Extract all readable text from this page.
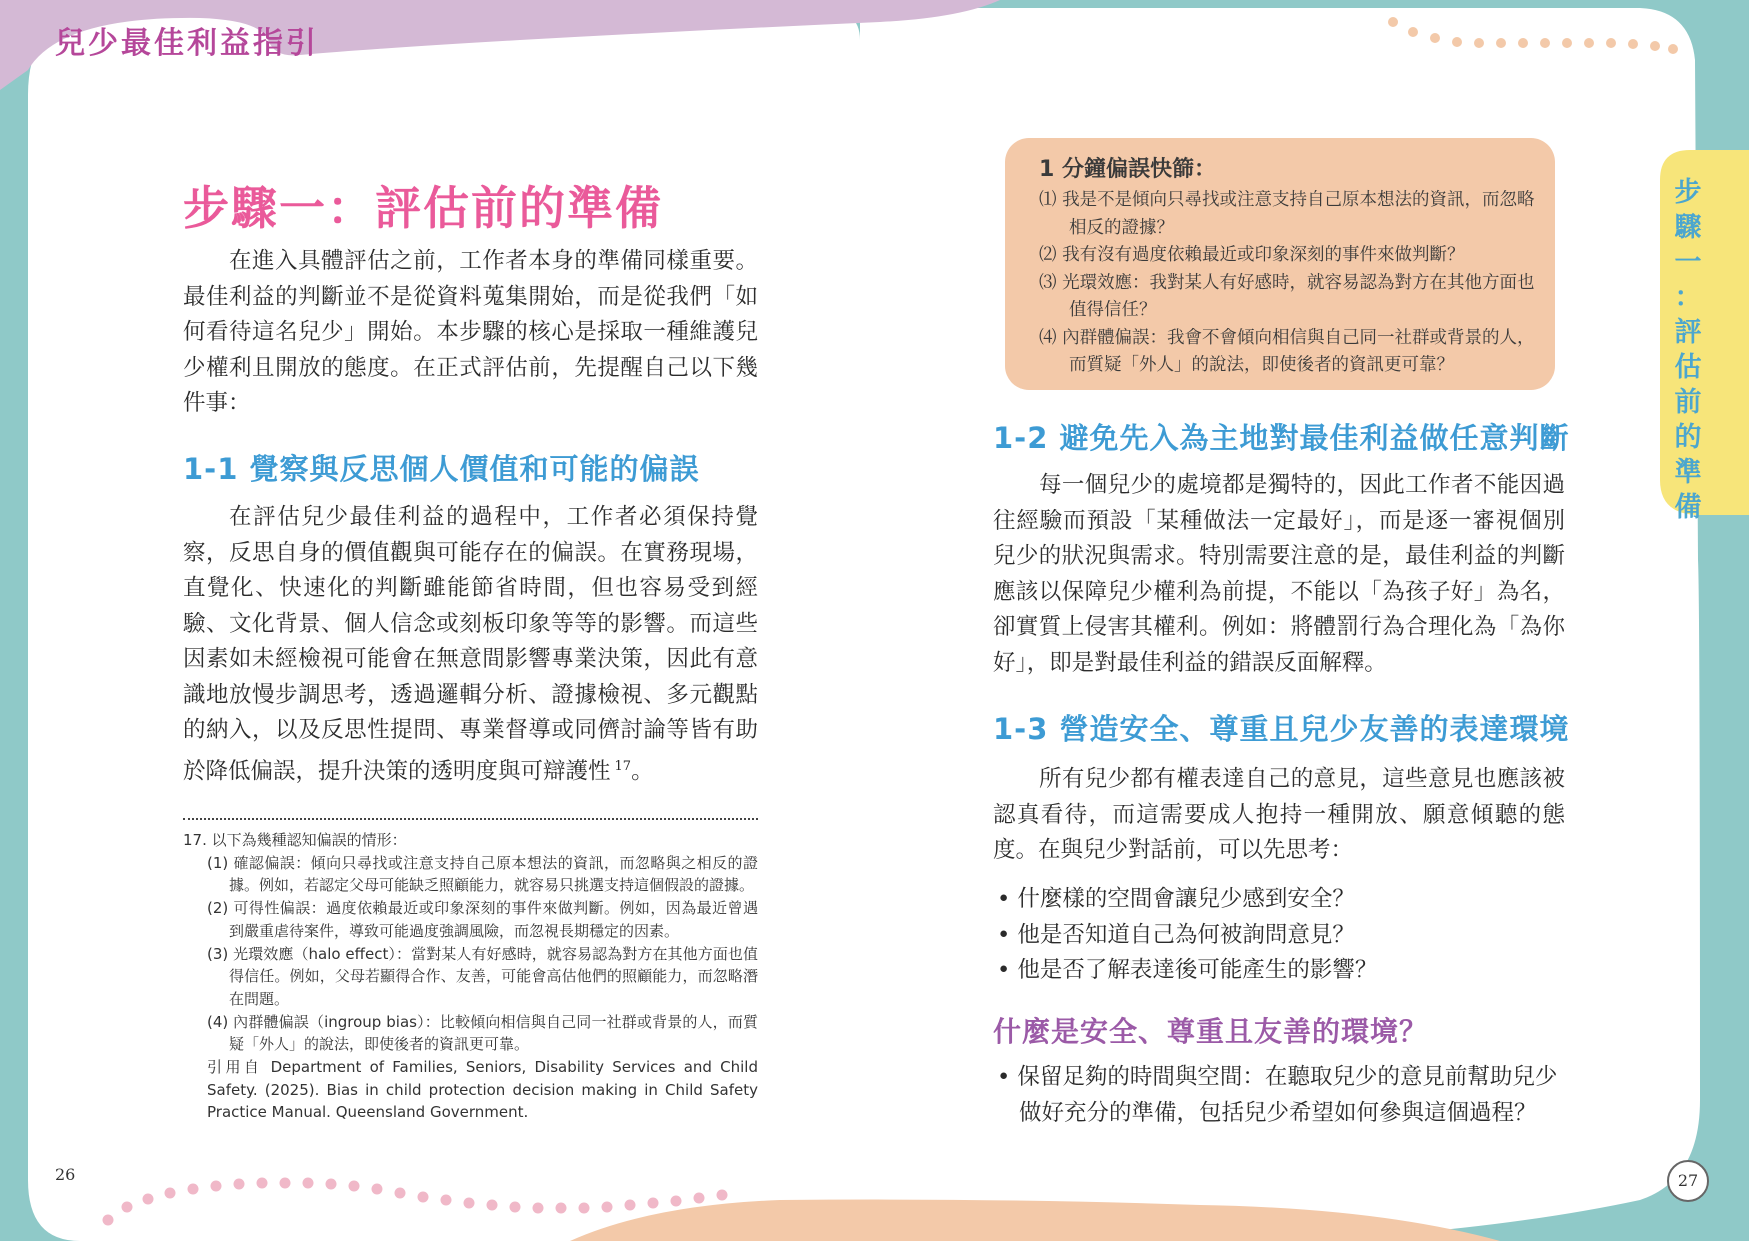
兒少最佳利益指引
步
驟
一
：
評
估
前
的
準
備
步驟一：評估前的準備

在進入具體評估之前，工作者本身的準備同樣重要。最佳利益的判斷並不是從資料蒐集開始，而是從我們「如何看待這名兒少」開始。本步驟的核心是採取一種維護兒少權利且開放的態度。在正式評估前，先提醒自己以下幾件事：

1-1 覺察與反思個人價值和可能的偏誤

在評估兒少最佳利益的過程中，工作者必須保持覺察，反思自身的價值觀與可能存在的偏誤。在實務現場，直覺化、快速化的判斷雖能節省時間，但也容易受到經驗、文化背景、個人信念或刻板印象等等的影響。而這些因素如未經檢視可能會在無意間影響專業決策，因此有意識地放慢步調思考，透過邏輯分析、證據檢視、多元觀點的納入，以及反思性提問、專業督導或同儕討論等皆有助於降低偏誤，提升決策的透明度與可辯護性 $^{17}$。

17. 以下為幾種認知偏誤的情形：

(1) 確認偏誤：傾向只尋找或注意支持自己原本想法的資訊，而忽略與之相反的證據。例如，若認定父母可能缺乏照顧能力，就容易只挑選支持這個假設的證據。

(2) 可得性偏誤：過度依賴最近或印象深刻的事件來做判斷。例如，因為最近曾遇到嚴重虐待案件，導致可能過度強調風險，而忽視長期穩定的因素。

(3) 光環效應（halo effect）：當對某人有好感時，就容易認為對方在其他方面也值得信任。例如，父母若顯得合作、友善，可能會高估他們的照顧能力，而忽略潛在問題。

(4) 內群體偏誤（ingroup bias）：比較傾向相信與自己同一社群或背景的人，而質疑「外人」的說法，即使後者的資訊更可靠。

引用自 Department of Families, Seniors, Disability Services and Child Safety. (2025). Bias in child protection decision making in Child Safety Practice Manual. Queensland Government.

26
1 分鐘偏誤快篩：
⑴ 我是不是傾向只尋找或注意支持自己原本想法的資訊，而忽略相反的證據？
⑵ 我有沒有過度依賴最近或印象深刻的事件來做判斷？
⑶ 光環效應：我對某人有好感時，就容易認為對方在其他方面也值得信任？
⑷ 內群體偏誤：我會不會傾向相信與自己同一社群或背景的人，而質疑「外人」的說法，即使後者的資訊更可靠？
1-2 避免先入為主地對最佳利益做任意判斷

每一個兒少的處境都是獨特的，因此工作者不能因過往經驗而預設「某種做法一定最好」，而是逐一審視個別兒少的狀況與需求。特別需要注意的是，最佳利益的判斷應該以保障兒少權利為前提，不能以「為孩子好」為名，卻實質上侵害其權利。例如：將體罰行為合理化為「為你好」，即是對最佳利益的錯誤反面解釋。

1-3 營造安全、尊重且兒少友善的表達環境

所有兒少都有權表達自己的意見，這些意見也應該被認真看待，而這需要成人抱持一種開放、願意傾聽的態度。在與兒少對話前，可以先思考：

• 什麼樣的空間會讓兒少感到安全？
• 他是否知道自己為何被詢問意見？
• 他是否了解表達後可能產生的影響？
什麼是安全、尊重且友善的環境？
• 保留足夠的時間與空間：在聽取兒少的意見前幫助兒少做好充分的準備，包括兒少希望如何參與這個過程？
27
